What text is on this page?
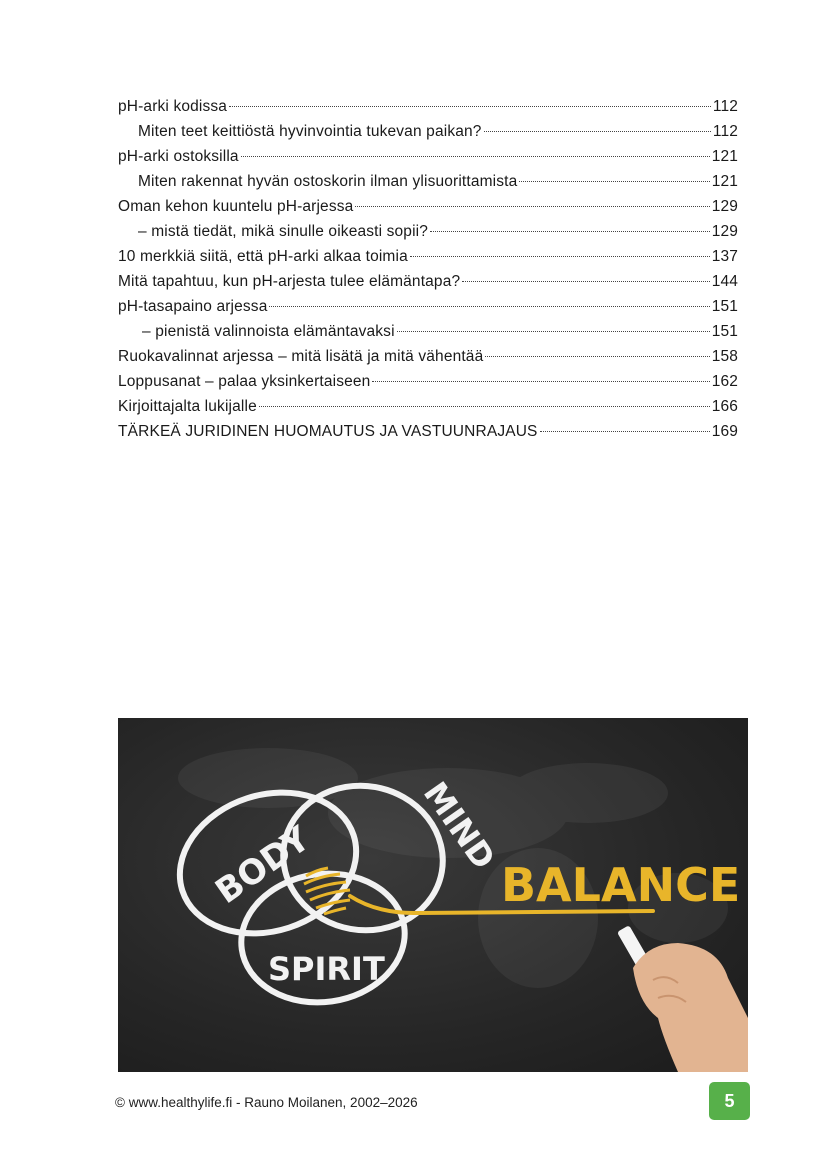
pH-arki kodissa	112
Miten teet keittiöstä hyvinvointia tukevan paikan?	112
pH-arki ostoksilla	121
Miten rakennat hyvän ostoskorin ilman ylisuorittamista	121
Oman kehon kuuntelu pH-arjessa	129
– mistä tiedät, mikä sinulle oikeasti sopii?	129
10 merkkiä siitä, että pH-arki alkaa toimia	137
Mitä tapahtuu, kun pH-arjesta tulee elämäntapa?	144
pH-tasapaino arjessa	151
– pienistä valinnoista elämäntavaksi	151
Ruokavalinnat arjessa – mitä lisätä ja mitä vähentää	158
Loppusanat – palaa yksinkertaiseen	162
Kirjoittajalta lukijalle	166
TÄRKEÄ JURIDINEN HUOMAUTUS JA VASTUUNRAJAUS	169
BODY	MIND
SPIRIT
BALANCE
© www.healthylife.fi - Rauno Moilanen, 2002–2026	5
